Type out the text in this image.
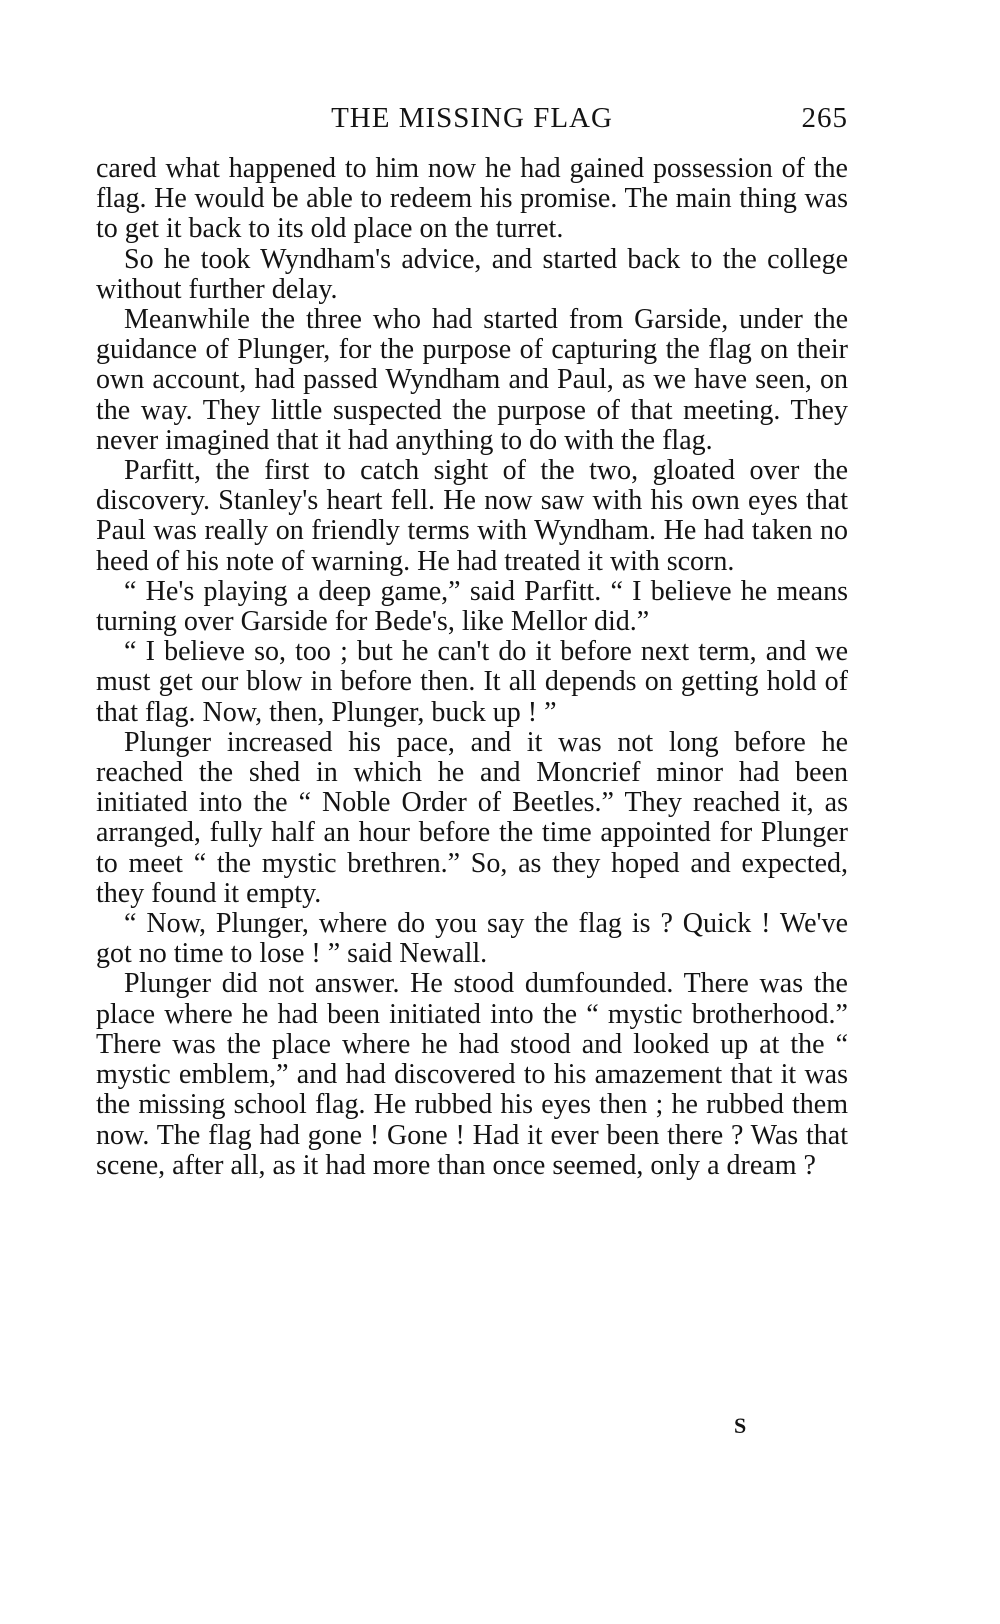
THE MISSING FLAG	265

cared what happened to him now he had gained possession of the flag. He would be able to redeem his promise. The main thing was to get it back to its old place on the turret.

So he took Wyndham's advice, and started back to the college without further delay.

Meanwhile the three who had started from Garside, under the guidance of Plunger, for the purpose of capturing the flag on their own account, had passed Wyndham and Paul, as we have seen, on the way. They little suspected the purpose of that meeting. They never imagined that it had anything to do with the flag.

Parfitt, the first to catch sight of the two, gloated over the discovery. Stanley's heart fell. He now saw with his own eyes that Paul was really on friendly terms with Wyndham. He had taken no heed of his note of warning. He had treated it with scorn.

“ He's playing a deep game,” said Parfitt. “ I believe he means turning over Garside for Bede's, like Mellor did.”

“ I believe so, too ; but he can't do it before next term, and we must get our blow in before then. It all depends on getting hold of that flag. Now, then, Plunger, buck up ! ”

Plunger increased his pace, and it was not long before he reached the shed in which he and Moncrief minor had been initiated into the “ Noble Order of Beetles.” They reached it, as arranged, fully half an hour before the time appointed for Plunger to meet “ the mystic brethren.” So, as they hoped and expected, they found it empty.

“ Now, Plunger, where do you say the flag is ? Quick ! We've got no time to lose ! ” said Newall.

Plunger did not answer. He stood dumfounded. There was the place where he had been initiated into the “ mystic brotherhood.” There was the place where he had stood and looked up at the “ mystic emblem,” and had discovered to his amazement that it was the missing school flag. He rubbed his eyes then ; he rubbed them now. The flag had gone ! Gone ! Had it ever been there ? Was that scene, after all, as it had more than once seemed, only a dream ?

S
